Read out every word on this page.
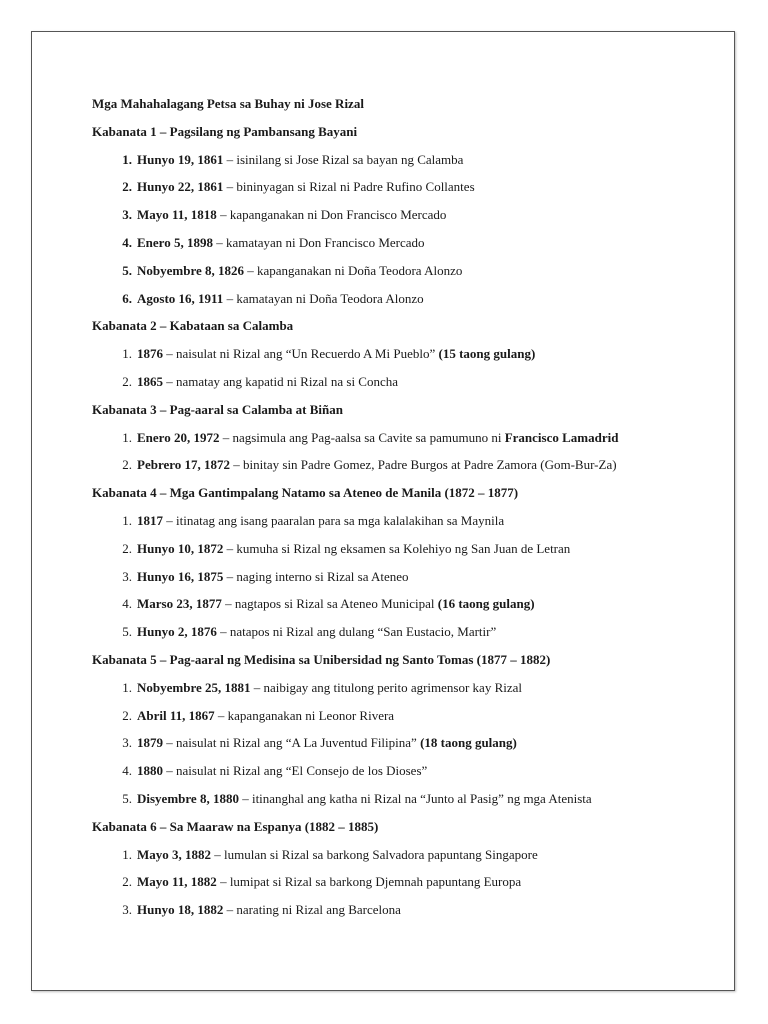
Mga Mahahalagang Petsa sa Buhay ni Jose Rizal
Kabanata 1 – Pagsilang ng Pambansang Bayani
1. Hunyo 19, 1861 – isinilang si Jose Rizal sa bayan ng Calamba
2. Hunyo 22, 1861 – bininyagan si Rizal ni Padre Rufino Collantes
3. Mayo 11, 1818 – kapanganakan ni Don Francisco Mercado
4. Enero 5, 1898 – kamatayan ni Don Francisco Mercado
5. Nobyembre 8, 1826 – kapanganakan ni Doña Teodora Alonzo
6. Agosto 16, 1911 – kamatayan ni Doña Teodora Alonzo
Kabanata 2 – Kabataan sa Calamba
1. 1876 – naisulat ni Rizal ang “Un Recuerdo A Mi Pueblo” (15 taong gulang)
2. 1865 – namatay ang kapatid ni Rizal na si Concha
Kabanata 3 – Pag-aaral sa Calamba at Biñan
1. Enero 20, 1972 – nagsimula ang Pag-aalsa sa Cavite sa pamumuno ni Francisco Lamadrid
2. Pebrero 17, 1872 – binitay sin Padre Gomez, Padre Burgos at Padre Zamora (Gom-Bur-Za)
Kabanata 4 – Mga Gantimpalang Natamo sa Ateneo de Manila (1872 – 1877)
1. 1817 – itinatag ang isang paaralan para sa mga kalalakihan sa Maynila
2. Hunyo 10, 1872 – kumuha si Rizal ng eksamen sa Kolehiyo ng San Juan de Letran
3. Hunyo 16, 1875 – naging interno si Rizal sa Ateneo
4. Marso 23, 1877 – nagtapos si Rizal sa Ateneo Municipal (16 taong gulang)
5. Hunyo 2, 1876 – natapos ni Rizal ang dulang “San Eustacio, Martir”
Kabanata 5 – Pag-aaral ng Medisina sa Unibersidad ng Santo Tomas (1877 – 1882)
1. Nobyembre 25, 1881 – naibigay ang titulong perito agrimensor kay Rizal
2. Abril 11, 1867 – kapanganakan ni Leonor Rivera
3. 1879 – naisulat ni Rizal ang “A La Juventud Filipina” (18 taong gulang)
4. 1880 – naisulat ni Rizal ang “El Consejo de los Dioses”
5. Disyembre 8, 1880 – itinanghal ang katha ni Rizal na “Junto al Pasig” ng mga Atenista
Kabanata 6 – Sa Maaraw na Espanya (1882 – 1885)
1. Mayo 3, 1882 – lumulan si Rizal sa barkong Salvadora papuntang Singapore
2. Mayo 11, 1882 – lumipat si Rizal sa barkong Djemnah papuntang Europa
3. Hunyo 18, 1882 – narating ni Rizal ang Barcelona
